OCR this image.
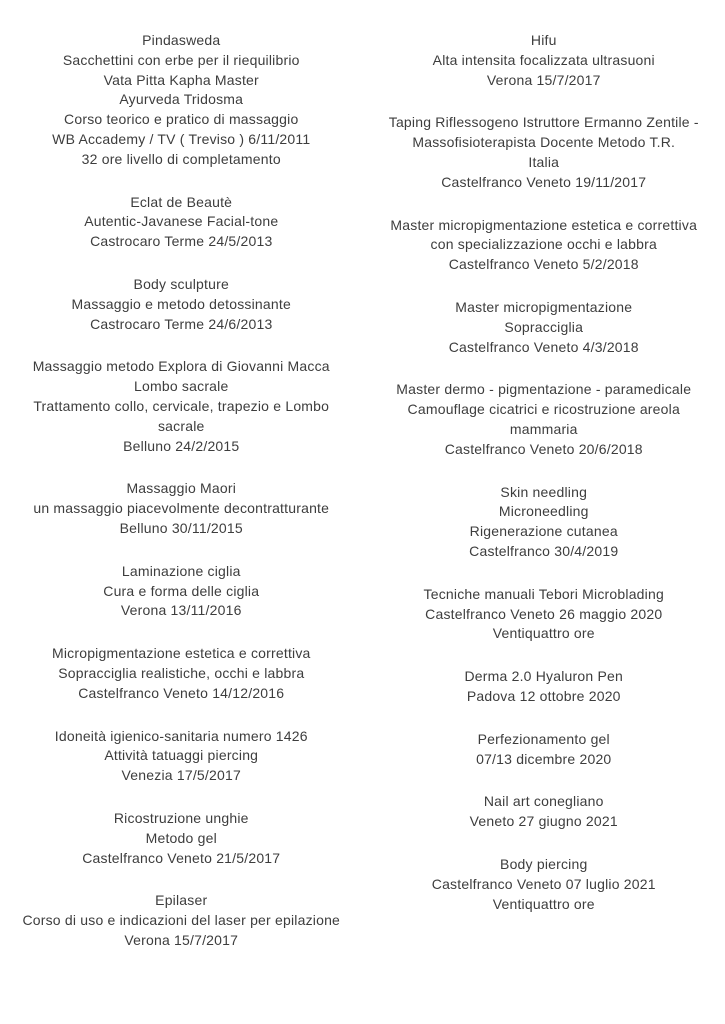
Pindasweda
Sacchettini con erbe per il riequilibrio
Vata Pitta Kapha Master
Ayurveda Tridosma
Corso teorico e pratico di massaggio
WB Accademy / TV ( Treviso ) 6/11/2011
32 ore livello di completamento
Eclat de Beautè
Autentic-Javanese Facial-tone
Castrocaro Terme 24/5/2013
Body sculpture
Massaggio e metodo detossinante
Castrocaro Terme 24/6/2013
Massaggio metodo Explora di Giovanni Macca
Lombo sacrale
Trattamento collo, cervicale, trapezio e Lombo
sacrale
Belluno 24/2/2015
Massaggio Maori
un massaggio piacevolmente decontratturante
Belluno 30/11/2015
Laminazione ciglia
Cura e forma delle ciglia
Verona 13/11/2016
Micropigmentazione estetica e correttiva
Sopracciglia realistiche, occhi e labbra
Castelfranco Veneto 14/12/2016
Idoneità igienico-sanitaria numero 1426
Attività tatuaggi piercing
Venezia 17/5/2017
Ricostruzione unghie
Metodo gel
Castelfranco Veneto 21/5/2017
Epilaser
Corso di uso e indicazioni del laser per epilazione
Verona 15/7/2017
Hifu
Alta intensita focalizzata ultrasuoni
Verona 15/7/2017
Taping Riflessogeno Istruttore Ermanno Zentile -
Massofisioterapista Docente Metodo T.R.
Italia
Castelfranco Veneto 19/11/2017
Master micropigmentazione estetica e correttiva
con specializzazione occhi e labbra
Castelfranco Veneto 5/2/2018
Master micropigmentazione
Sopracciglia
Castelfranco Veneto 4/3/2018
Master dermo - pigmentazione - paramedicale
Camouflage cicatrici e ricostruzione areola
mammaria
Castelfranco Veneto 20/6/2018
Skin needling
Microneedling
Rigenerazione cutanea
Castelfranco 30/4/2019
Tecniche manuali Tebori Microblading
Castelfranco Veneto 26 maggio 2020
Ventiquattro ore
Derma 2.0 Hyaluron Pen
Padova 12 ottobre 2020
Perfezionamento gel
07/13 dicembre 2020
Nail art conegliano
Veneto 27 giugno 2021
Body piercing
Castelfranco Veneto 07 luglio 2021
Ventiquattro ore
